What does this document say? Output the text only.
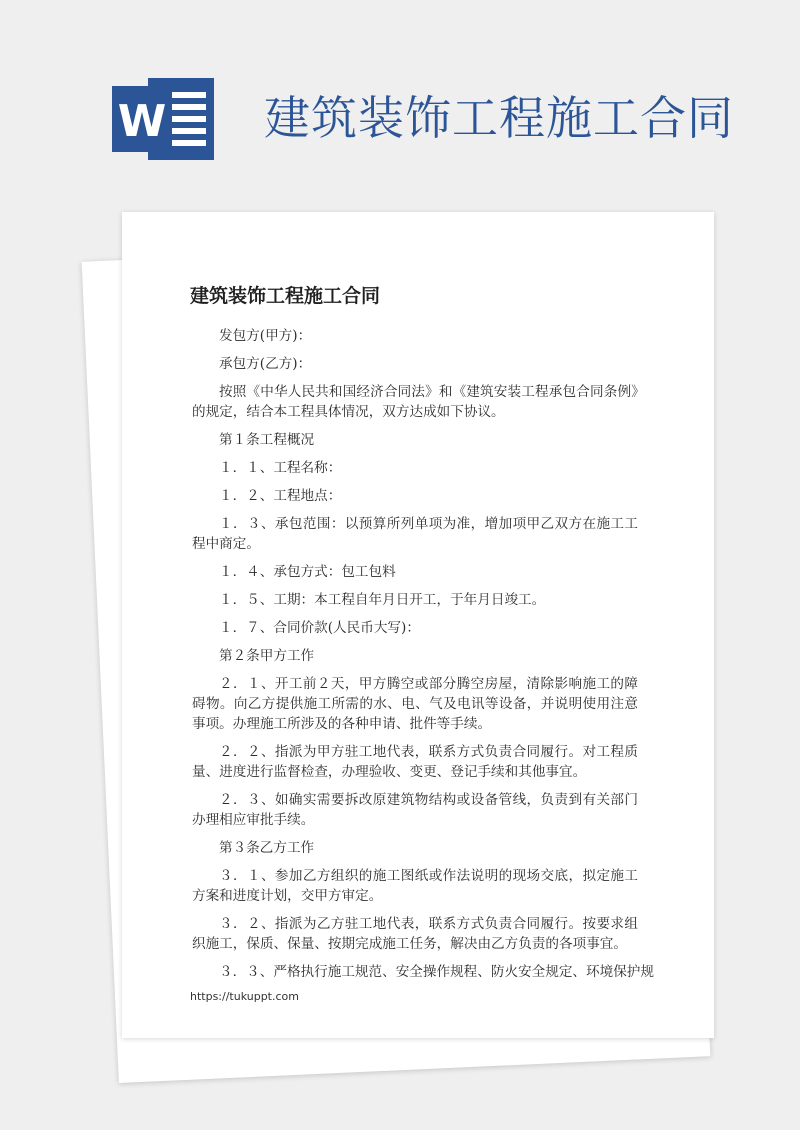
W 建筑装饰工程施工合同
建筑装饰工程施工合同

发包方(甲方)：

承包方(乙方)：

按照《中华人民共和国经济合同法》和《建筑安装工程承包合同条例》的规定，结合本工程具体情况，双方达成如下协议。

第１条工程概况

１．１、工程名称：

１．２、工程地点：

１．３、承包范围：以预算所列单项为准，增加项甲乙双方在施工工程中商定。

１．４、承包方式：包工包料

１．５、工期：本工程自年月日开工，于年月日竣工。

１．７、合同价款(人民币大写)：

第２条甲方工作

２．１、开工前２天，甲方腾空或部分腾空房屋，清除影响施工的障碍物。向乙方提供施工所需的水、电、气及电讯等设备，并说明使用注意事项。办理施工所涉及的各种申请、批件等手续。

２．２、指派为甲方驻工地代表，联系方式负责合同履行。对工程质量、进度进行监督检查，办理验收、变更、登记手续和其他事宜。

２．３、如确实需要拆改原建筑物结构或设备管线，负责到有关部门办理相应审批手续。

第３条乙方工作

３．１、参加乙方组织的施工图纸或作法说明的现场交底，拟定施工方案和进度计划，交甲方审定。

３．２、指派为乙方驻工地代表，联系方式负责合同履行。按要求组织施工，保质、保量、按期完成施工任务，解决由乙方负责的各项事宜。

３．３、严格执行施工规范、安全操作规程、防火安全规定、环境保护规

https://tukuppt.com
